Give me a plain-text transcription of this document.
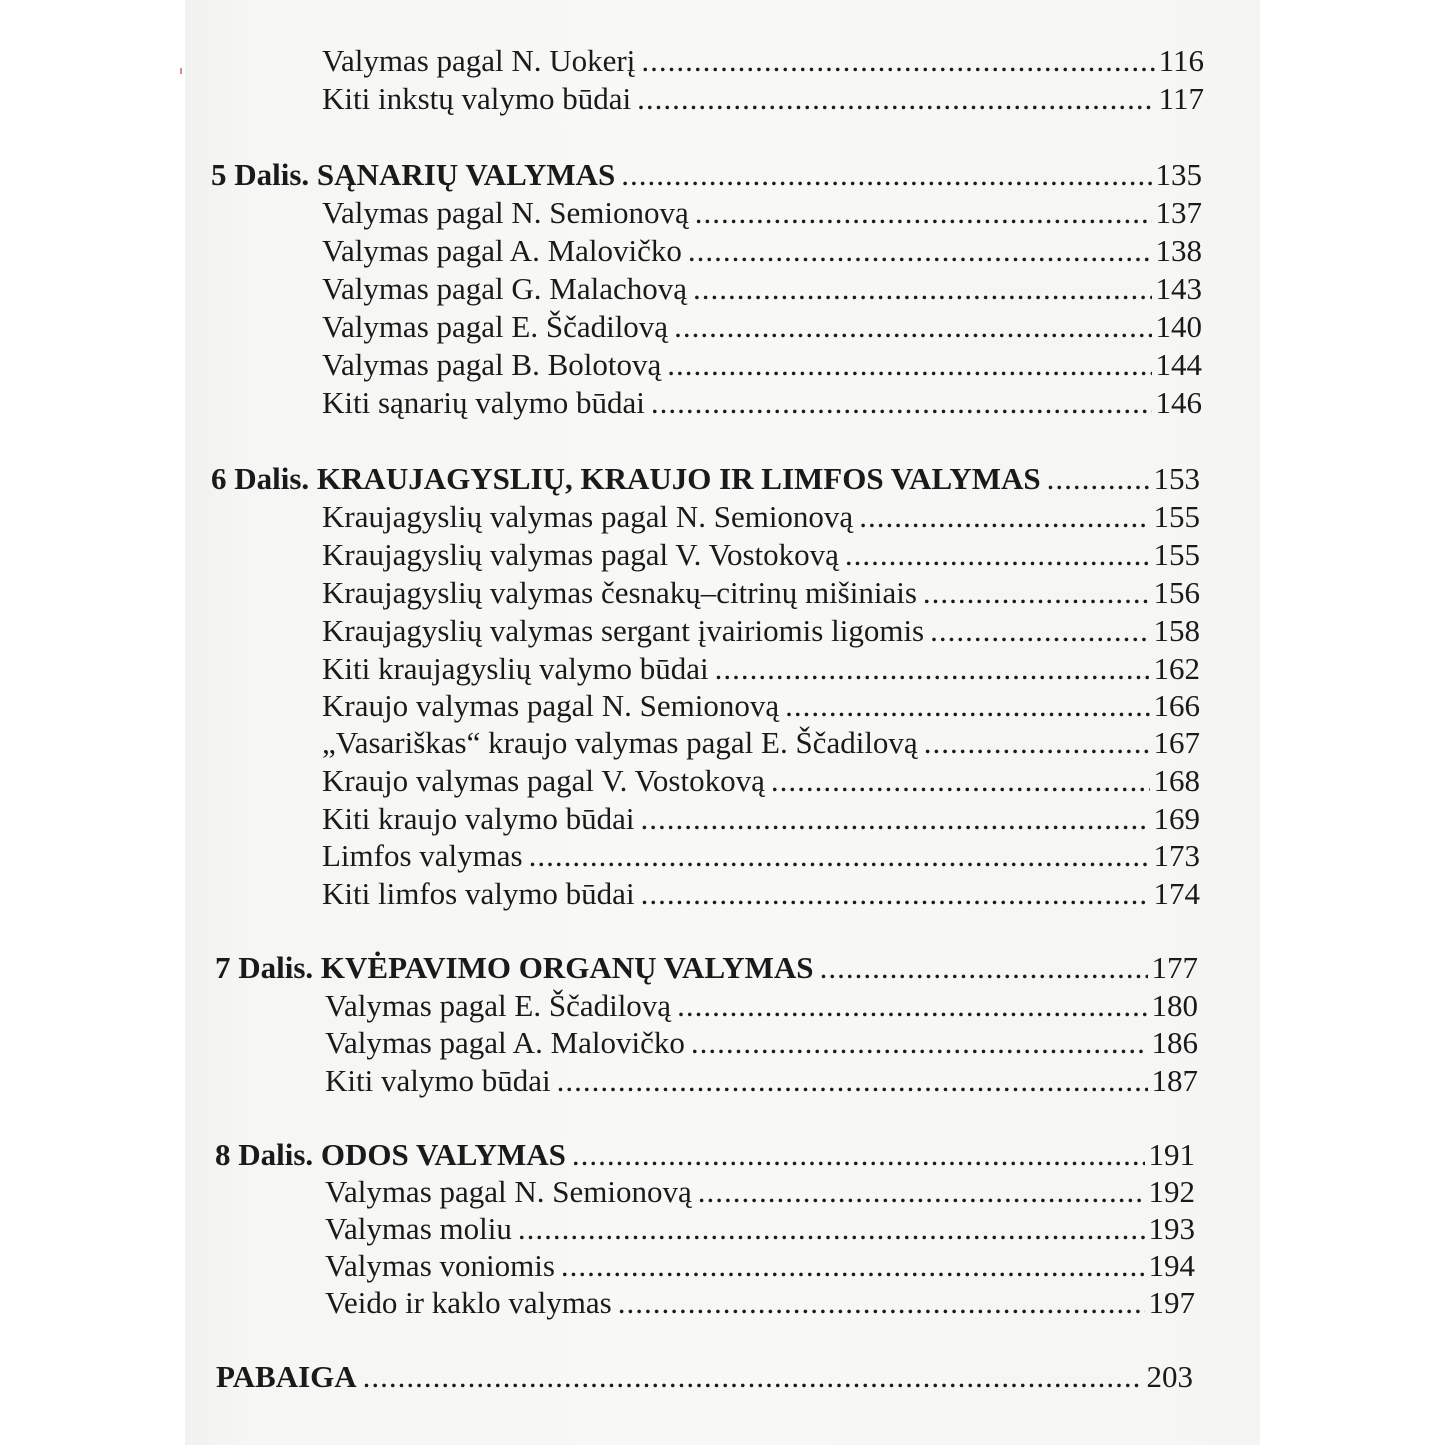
Valymas pagal N. Uokerį .....	116
Kiti inkstų valymo būdai .....	117
5 Dalis. SĄNARIŲ VALYMAS .....	135
Valymas pagal N. Semionovą .....	137
Valymas pagal A. Malovičko .....	138
Valymas pagal G. Malachovą .....	143
Valymas pagal E. Ščadilovą .....	140
Valymas pagal B. Bolotovą .....	144
Kiti sąnarių valymo būdai .....	146
6 Dalis. KRAUJAGYSLIŲ, KRAUJO IR LIMFOS VALYMAS .....	153
Kraujagyslių valymas pagal N. Semionovą .....	155
Kraujagyslių valymas pagal V. Vostokovą .....	155
Kraujagyslių valymas česnakų–citrinų mišiniais .....	156
Kraujagyslių valymas sergant įvairiomis ligomis .....	158
Kiti kraujagyslių valymo būdai .....	162
Kraujo valymas pagal N. Semionovą .....	166
„Vasariškas“ kraujo valymas pagal E. Ščadilovą .....	167
Kraujo valymas pagal V. Vostokovą .....	168
Kiti kraujo valymo būdai .....	169
Limfos valymas .....	173
Kiti limfos valymo būdai .....	174
7 Dalis. KVĖPAVIMO ORGANŲ VALYMAS .....	177
Valymas pagal E. Ščadilovą .....	180
Valymas pagal A. Malovičko .....	186
Kiti valymo būdai .....	187
8 Dalis. ODOS VALYMAS .....	191
Valymas pagal N. Semionovą .....	192
Valymas moliu .....	193
Valymas voniomis .....	194
Veido ir kaklo valymas .....	197
PABAIGA .....	203
